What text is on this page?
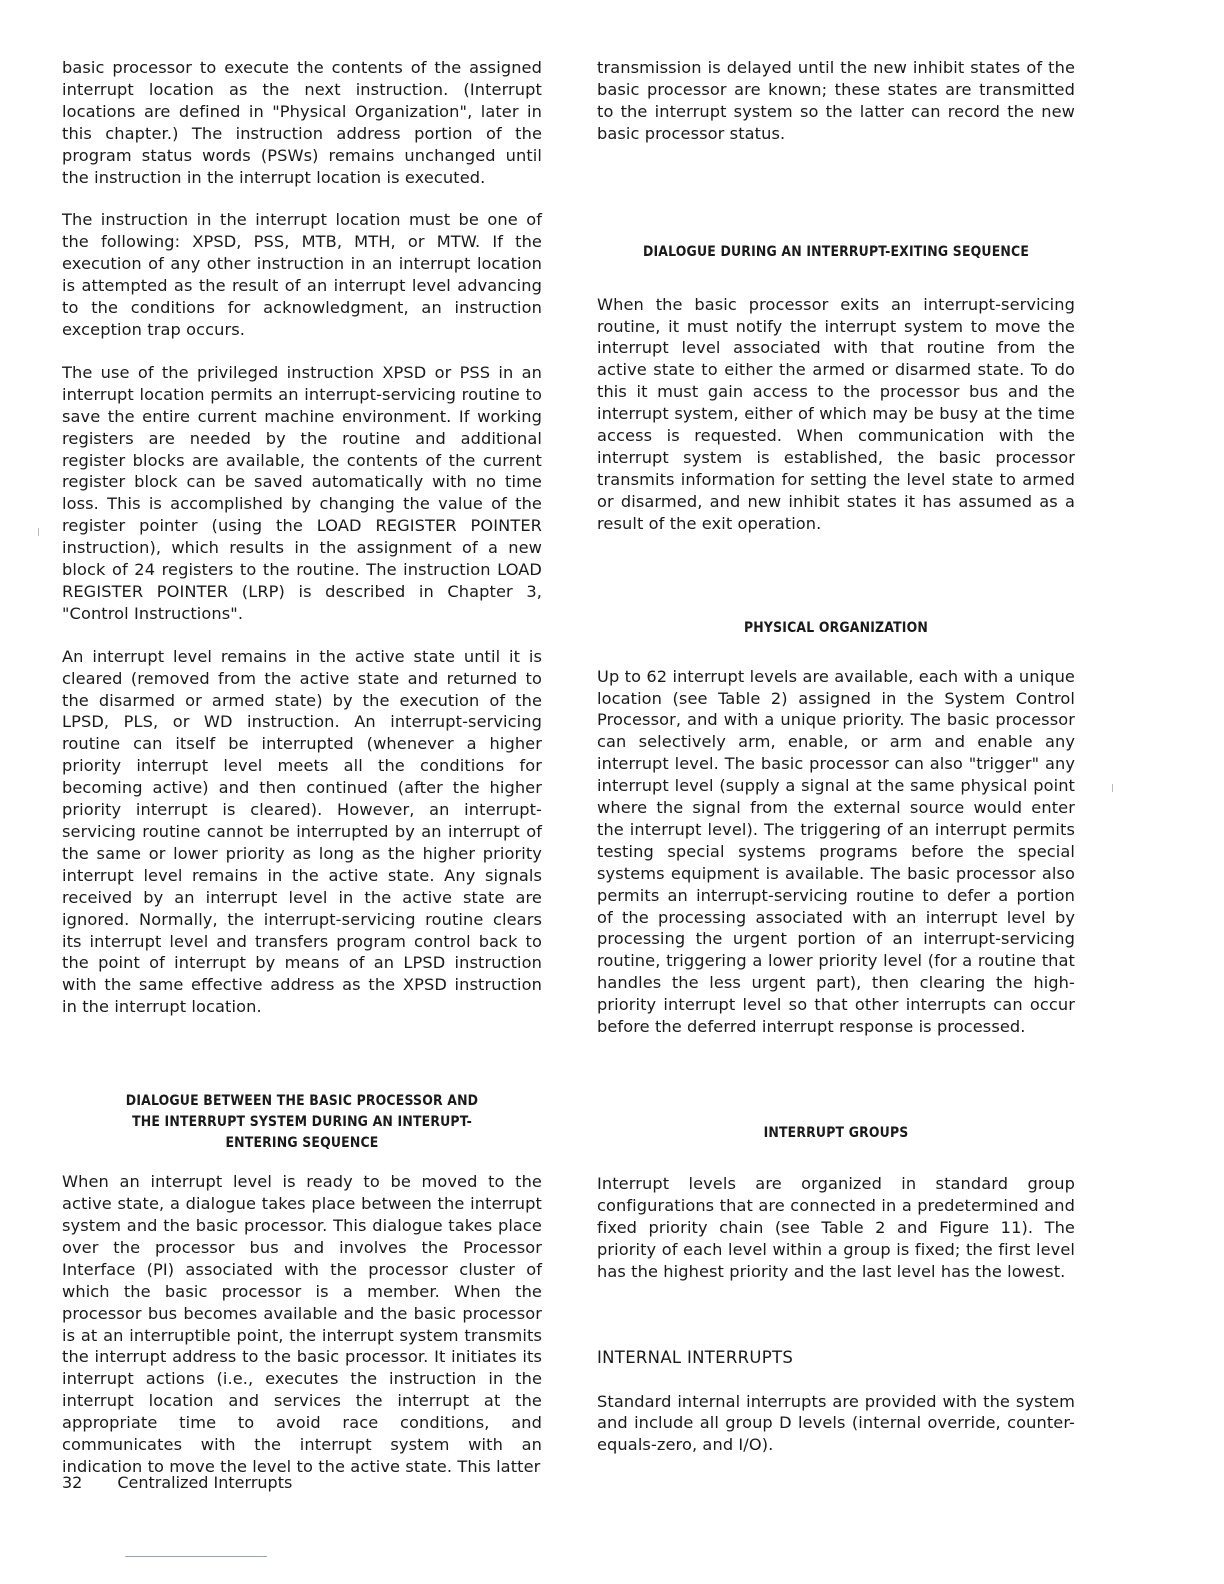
basic processor to execute the contents of the assigned interrupt location as the next instruction. (Interrupt locations are defined in "Physical Organization", later in this chapter.) The instruction address portion of the program status words (PSWs) remains unchanged until the instruction in the interrupt location is executed.

The instruction in the interrupt location must be one of the following: XPSD, PSS, MTB, MTH, or MTW. If the execution of any other instruction in an interrupt location is attempted as the result of an interrupt level advancing to the conditions for acknowledgment, an instruction exception trap occurs.

The use of the privileged instruction XPSD or PSS in an interrupt location permits an interrupt-servicing routine to save the entire current machine environment. If working registers are needed by the routine and additional register blocks are available, the contents of the current register block can be saved automatically with no time loss. This is accomplished by changing the value of the register pointer (using the LOAD REGISTER POINTER instruction), which results in the assignment of a new block of 24 registers to the routine. The instruction LOAD REGISTER POINTER (LRP) is described in Chapter 3, "Control Instructions".

An interrupt level remains in the active state until it is cleared (removed from the active state and returned to the disarmed or armed state) by the execution of the LPSD, PLS, or WD instruction. An interrupt-servicing routine can itself be interrupted (whenever a higher priority interrupt level meets all the conditions for becoming active) and then continued (after the higher priority interrupt is cleared). However, an interrupt-servicing routine cannot be interrupted by an interrupt of the same or lower priority as long as the higher priority interrupt level remains in the active state. Any signals received by an interrupt level in the active state are ignored. Normally, the interrupt-servicing routine clears its interrupt level and transfers program control back to the point of interrupt by means of an LPSD instruction with the same effective address as the XPSD instruction in the interrupt location.

DIALOGUE BETWEEN THE BASIC PROCESSOR AND
THE INTERRUPT SYSTEM DURING AN INTERUPT-
ENTERING SEQUENCE

When an interrupt level is ready to be moved to the active state, a dialogue takes place between the interrupt system and the basic processor. This dialogue takes place over the processor bus and involves the Processor Interface (PI) associated with the processor cluster of which the basic processor is a member. When the processor bus becomes available and the basic processor is at an interruptible point, the interrupt system transmits the interrupt address to the basic processor. It initiates its interrupt actions (i.e., executes the instruction in the interrupt location and services the interrupt at the appropriate time to avoid race conditions, and communicates with the interrupt system with an indication to move the level to the active state. This latter

transmission is delayed until the new inhibit states of the basic processor are known; these states are transmitted to the interrupt system so the latter can record the new basic processor status.

DIALOGUE DURING AN INTERRUPT-EXITING SEQUENCE

When the basic processor exits an interrupt-servicing routine, it must notify the interrupt system to move the interrupt level associated with that routine from the active state to either the armed or disarmed state. To do this it must gain access to the processor bus and the interrupt system, either of which may be busy at the time access is requested. When communication with the interrupt system is established, the basic processor transmits information for setting the level state to armed or disarmed, and new inhibit states it has assumed as a result of the exit operation.

PHYSICAL ORGANIZATION

Up to 62 interrupt levels are available, each with a unique location (see Table 2) assigned in the System Control Processor, and with a unique priority. The basic processor can selectively arm, enable, or arm and enable any interrupt level. The basic processor can also "trigger" any interrupt level (supply a signal at the same physical point where the signal from the external source would enter the interrupt level). The triggering of an interrupt permits testing special systems programs before the special systems equipment is available. The basic processor also permits an interrupt-servicing routine to defer a portion of the processing associated with an interrupt level by processing the urgent portion of an interrupt-servicing routine, triggering a lower priority level (for a routine that handles the less urgent part), then clearing the high-priority interrupt level so that other interrupts can occur before the deferred interrupt response is processed.

INTERRUPT GROUPS

Interrupt levels are organized in standard group configurations that are connected in a predetermined and fixed priority chain (see Table 2 and Figure 11). The priority of each level within a group is fixed; the first level has the highest priority and the last level has the lowest.

INTERNAL INTERRUPTS

Standard internal interrupts are provided with the system and include all group D levels (internal override, counter-equals-zero, and I/O).

32 Centralized Interrupts
